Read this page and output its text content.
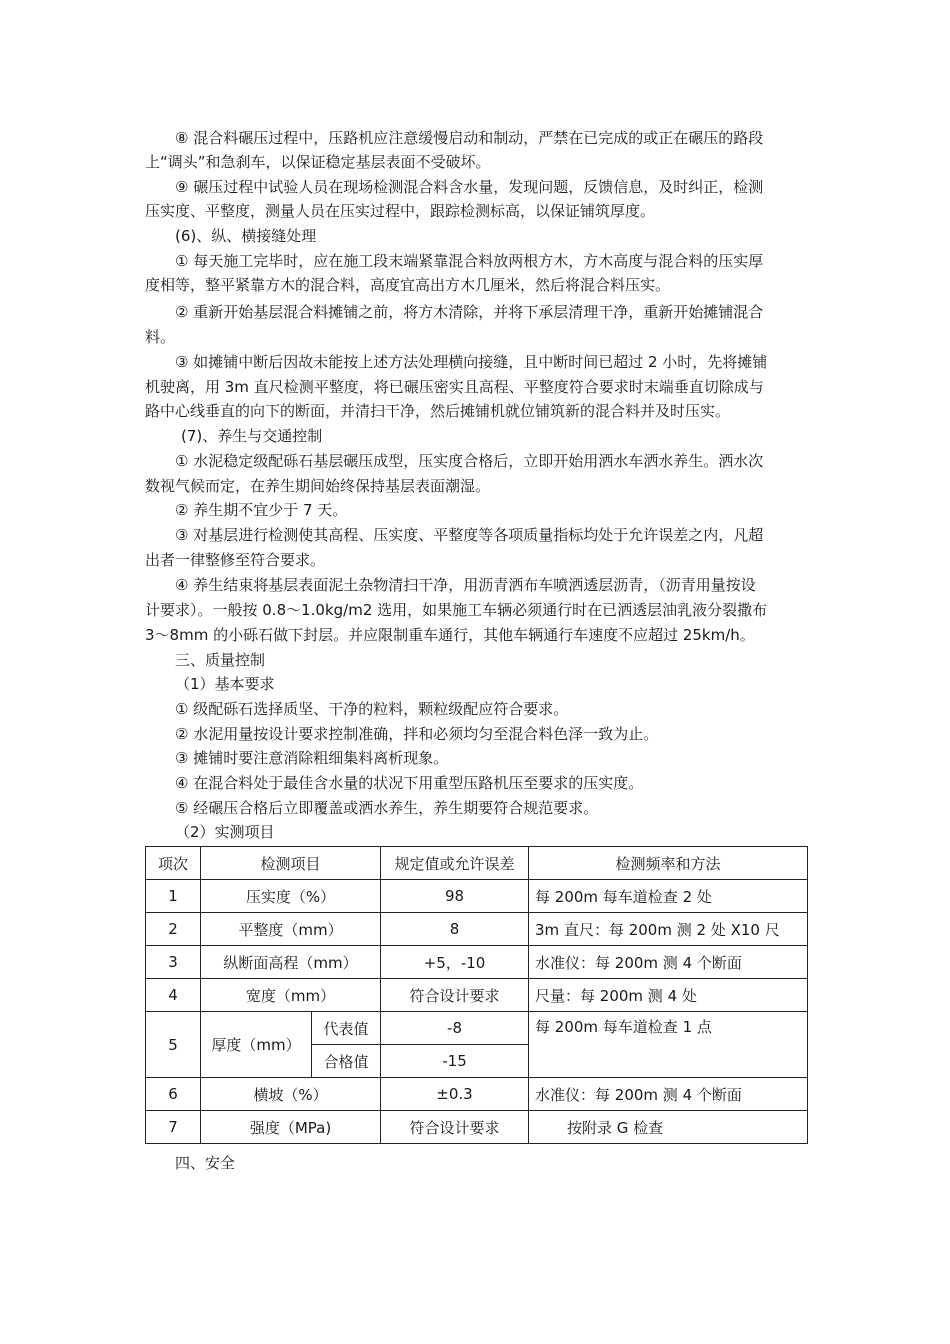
⑧ 混合料碾压过程中，压路机应注意缓慢启动和制动，严禁在已完成的或正在碾压的路段
上“调头”和急刹车，以保证稳定基层表面不受破坏。
⑨ 碾压过程中试验人员在现场检测混合料含水量，发现问题，反馈信息，及时纠正，检测
压实度、平整度，测量人员在压实过程中，跟踪检测标高，以保证铺筑厚度。
(6)、纵、横接缝处理
① 每天施工完毕时，应在施工段末端紧靠混合料放两根方木，方木高度与混合料的压实厚
度相等，整平紧靠方木的混合料，高度宜高出方木几厘米，然后将混合料压实。
② 重新开始基层混合料摊铺之前，将方木清除，并将下承层清理干净，重新开始摊铺混合
料。
③ 如摊铺中断后因故未能按上述方法处理横向接缝，且中断时间已超过 2 小时，先将摊铺
机驶离，用 3m 直尺检测平整度，将已碾压密实且高程、平整度符合要求时末端垂直切除成与
路中心线垂直的向下的断面，并清扫干净，然后摊铺机就位铺筑新的混合料并及时压实。
(7)、养生与交通控制
① 水泥稳定级配砾石基层碾压成型，压实度合格后，立即开始用洒水车洒水养生。洒水次
数视气候而定，在养生期间始终保持基层表面潮湿。
② 养生期不宜少于 7 天。
③ 对基层进行检测使其高程、压实度、平整度等各项质量指标均处于允许误差之内，凡超
出者一律整修至符合要求。
④ 养生结束将基层表面泥土杂物清扫干净，用沥青洒布车喷洒透层沥青，（沥青用量按设
计要求）。一般按 0.8～1.0kg/m2 选用，如果施工车辆必须通行时在已洒透层油乳液分裂撒布
3～8mm 的小砾石做下封层。并应限制重车通行，其他车辆通行车速度不应超过 25km/h。
三、质量控制
（1）基本要求
① 级配砾石选择质坚、干净的粒料，颗粒级配应符合要求。
② 水泥用量按设计要求控制准确，拌和必须均匀至混合料色泽一致为止。
③ 摊铺时要注意消除粗细集料离析现象。
④ 在混合料处于最佳含水量的状况下用重型压路机压至要求的压实度。
⑤ 经碾压合格后立即覆盖或洒水养生，养生期要符合规范要求。
（2）实测项目
项次	检测项目		规定值或允许误差	检测频率和方法
1	压实度（%）		98	每 200m 每车道检查 2 处
2	平整度（mm）		8	3m 直尺：每 200m 测 2 处 X10 尺
3	纵断面高程（mm）		+5，-10	水准仪：每 200m 测 4 个断面
4	宽度（mm）		符合设计要求	尺量：每 200m 测 4 处
5	厚度（mm）	代表值	-8	每 200m 每车道检查 1 点
		合格值	-15	
6	横坡（%）		±0.3	水准仪：每 200m 测 4 个断面
7	强度（MPa)		符合设计要求	按附录 G 检查
四、安全
